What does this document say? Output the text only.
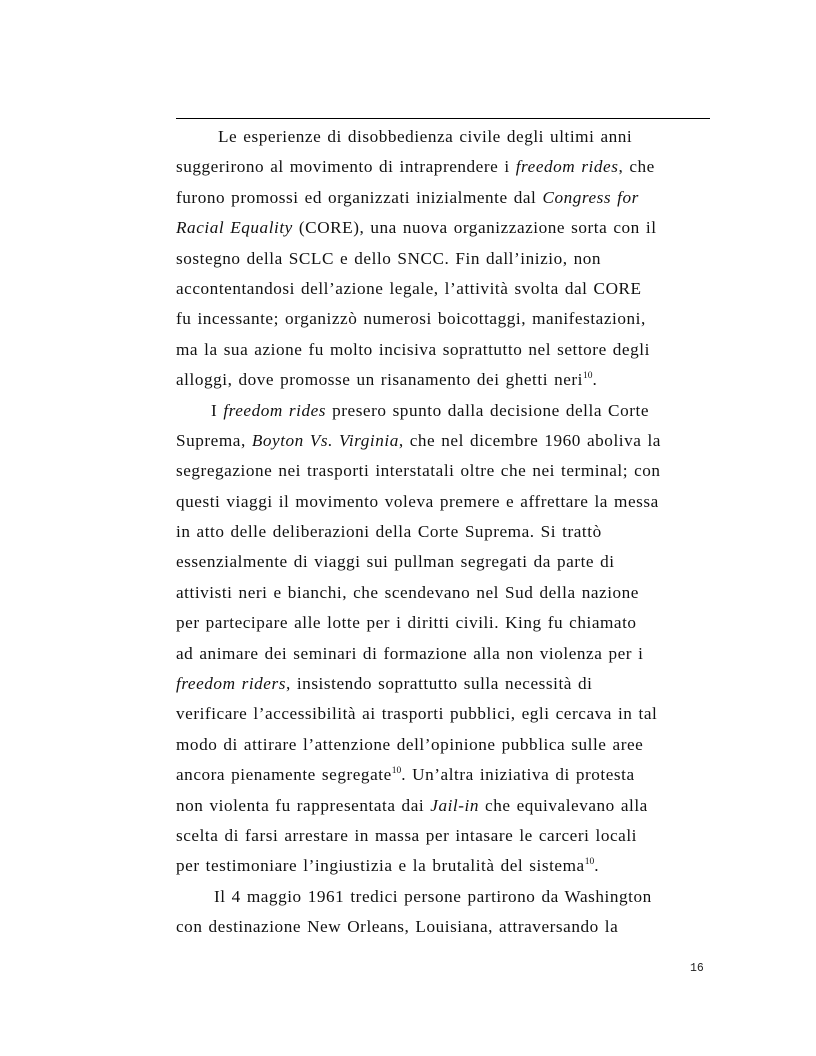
Le esperienze di disobbedienza civile degli ultimi anni
suggerirono al movimento di intraprendere i freedom rides, che
furono promossi ed organizzati inizialmente dal Congress for
Racial Equality (CORE), una nuova organizzazione sorta con il
sostegno della SCLC e dello SNCC. Fin dall’inizio, non
accontentandosi dell’azione legale, l’attività svolta dal CORE
fu incessante; organizzò numerosi boicottaggi, manifestazioni,
ma la sua azione fu molto incisiva soprattutto nel settore degli
alloggi, dove promosse un risanamento dei ghetti neri$^{10}$.
I freedom rides presero spunto dalla decisione della Corte
Suprema, Boyton Vs. Virginia, che nel dicembre 1960 aboliva la
segregazione nei trasporti interstatali oltre che nei terminal; con
questi viaggi il movimento voleva premere e affrettare la messa
in atto delle deliberazioni della Corte Suprema. Si trattò
essenzialmente di viaggi sui pullman segregati da parte di
attivisti neri e bianchi, che scendevano nel Sud della nazione
per partecipare alle lotte per i diritti civili. King fu chiamato
ad animare dei seminari di formazione alla non violenza per i
freedom riders, insistendo soprattutto sulla necessità di
verificare l’accessibilità ai trasporti pubblici, egli cercava in tal
modo di attirare l’attenzione dell’opinione pubblica sulle aree
ancora pienamente segregate$^{10}$. Un’altra iniziativa di protesta
non violenta fu rappresentata dai Jail-in che equivalevano alla
scelta di farsi arrestare in massa per intasare le carceri locali
per testimoniare l’ingiustizia e la brutalità del sistema$^{10}$.
Il 4 maggio 1961 tredici persone partirono da Washington
con destinazione New Orleans, Louisiana, attraversando la
16
